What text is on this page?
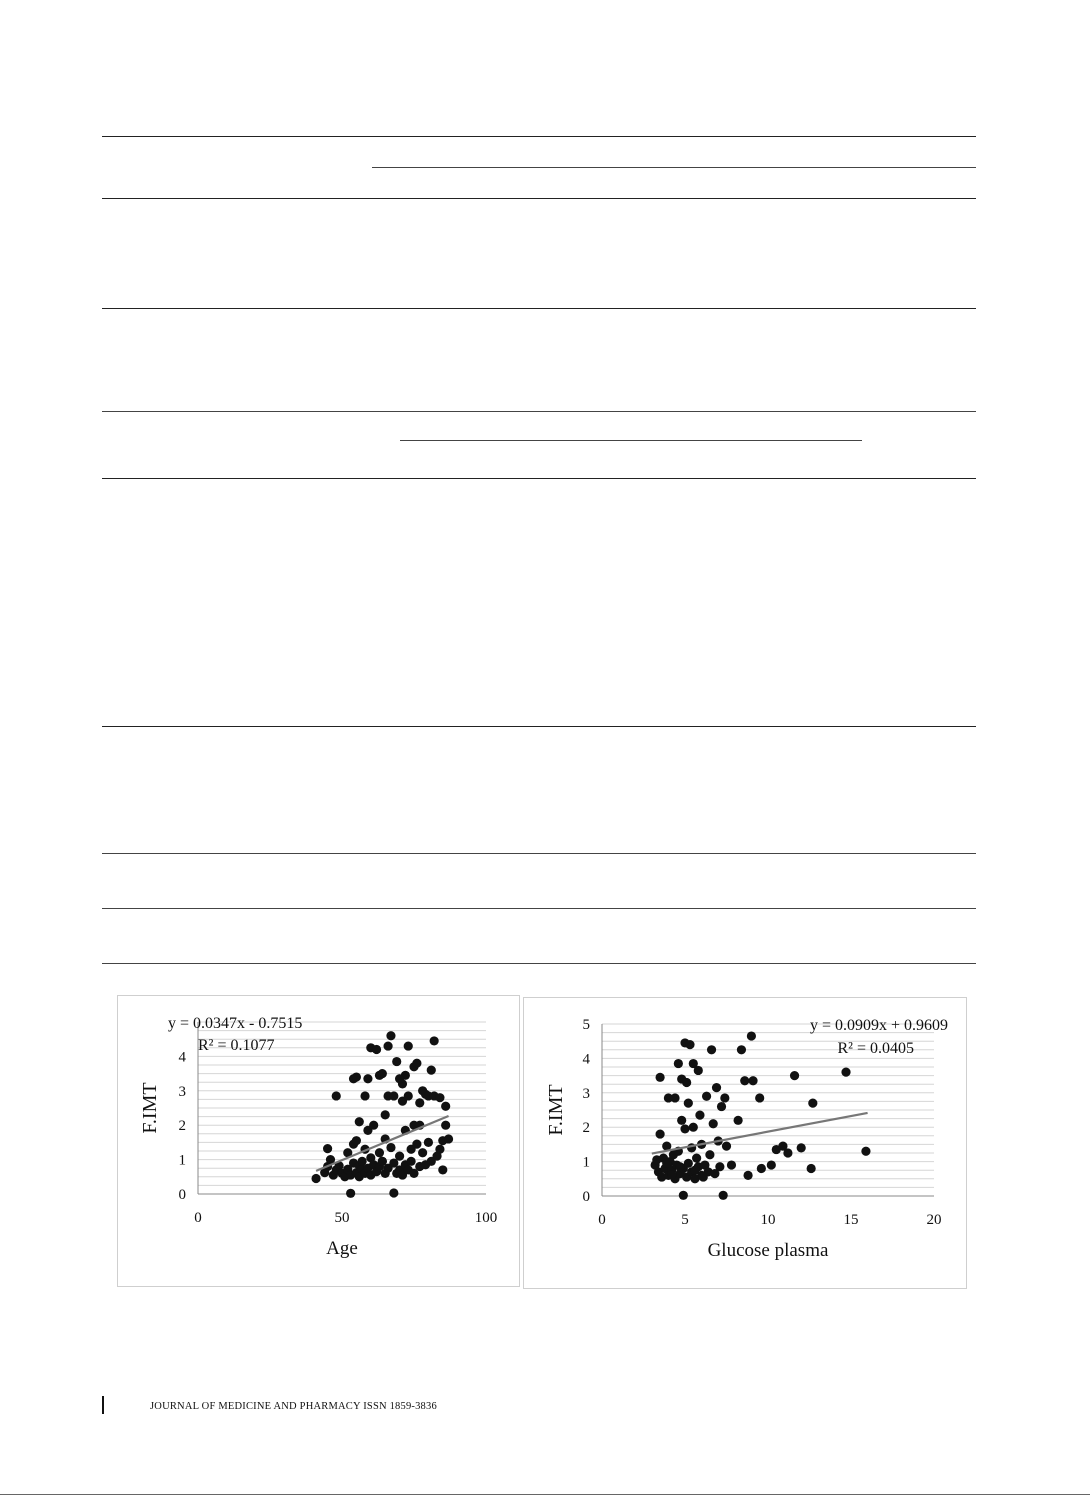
0
1
2
3
4
0	50	100
y = 0.0347x - 0.7515
R² = 0.1077
F.IMT
Age
0
1
2
3
4
5
0	5	10	15	20
y = 0.0909x + 0.9609
R² = 0.0405
F.IMT
Glucose plasma
JOURNAL OF MEDICINE AND PHARMACY ISSN 1859-3836
